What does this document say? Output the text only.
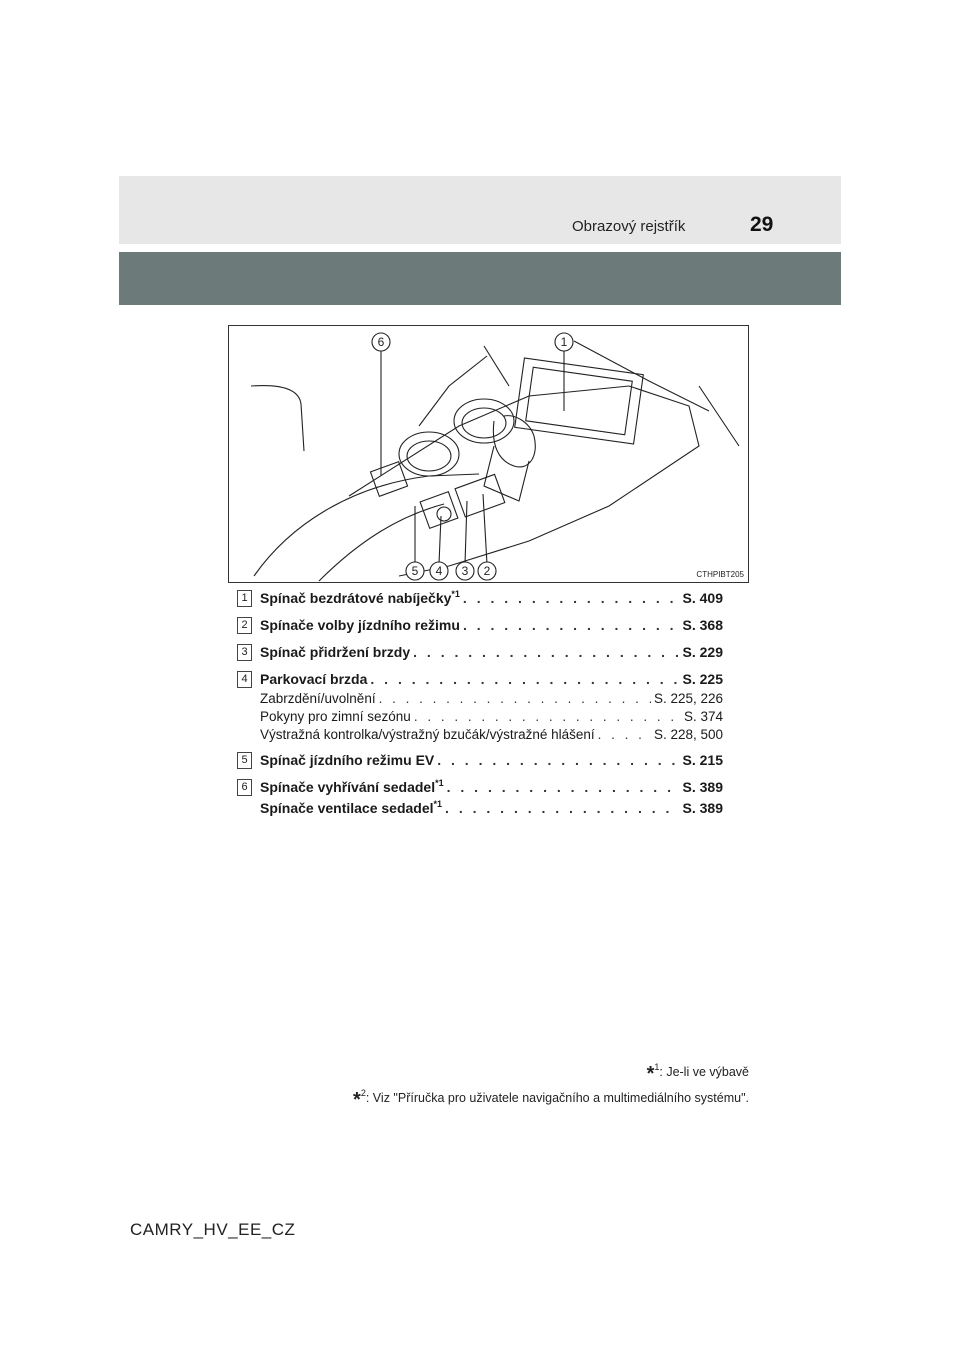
Obrazový rejstřík	29
6	1
5 4 3 2	CTHPIBT205
1 Spínač bezdrátové nabíječky$^{*1}$ . . .	S. 409
2 Spínače volby jízdního režimu . . .	S. 368
3 Spínač přidržení brzdy . . .	S. 229
4 Parkovací brzda . . .	S. 225
Zabrzdění/uvolnění . . .	S. 225, 226
Pokyny pro zimní sezónu . . .	S. 374
Výstražná kontrolka/výstražný bzučák/výstražné hlášení . . .	S. 228, 500
5 Spínač jízdního režimu EV . . .	S. 215
6 Spínače vyhřívání sedadel$^{*1}$ . . .	S. 389
Spínače ventilace sedadel$^{*1}$ . . .	S. 389
*$^1$: Je-li ve výbavě
*$^2$: Viz "Příručka pro uživatele navigačního a multimediálního systému".
CAMRY_HV_EE_CZ
